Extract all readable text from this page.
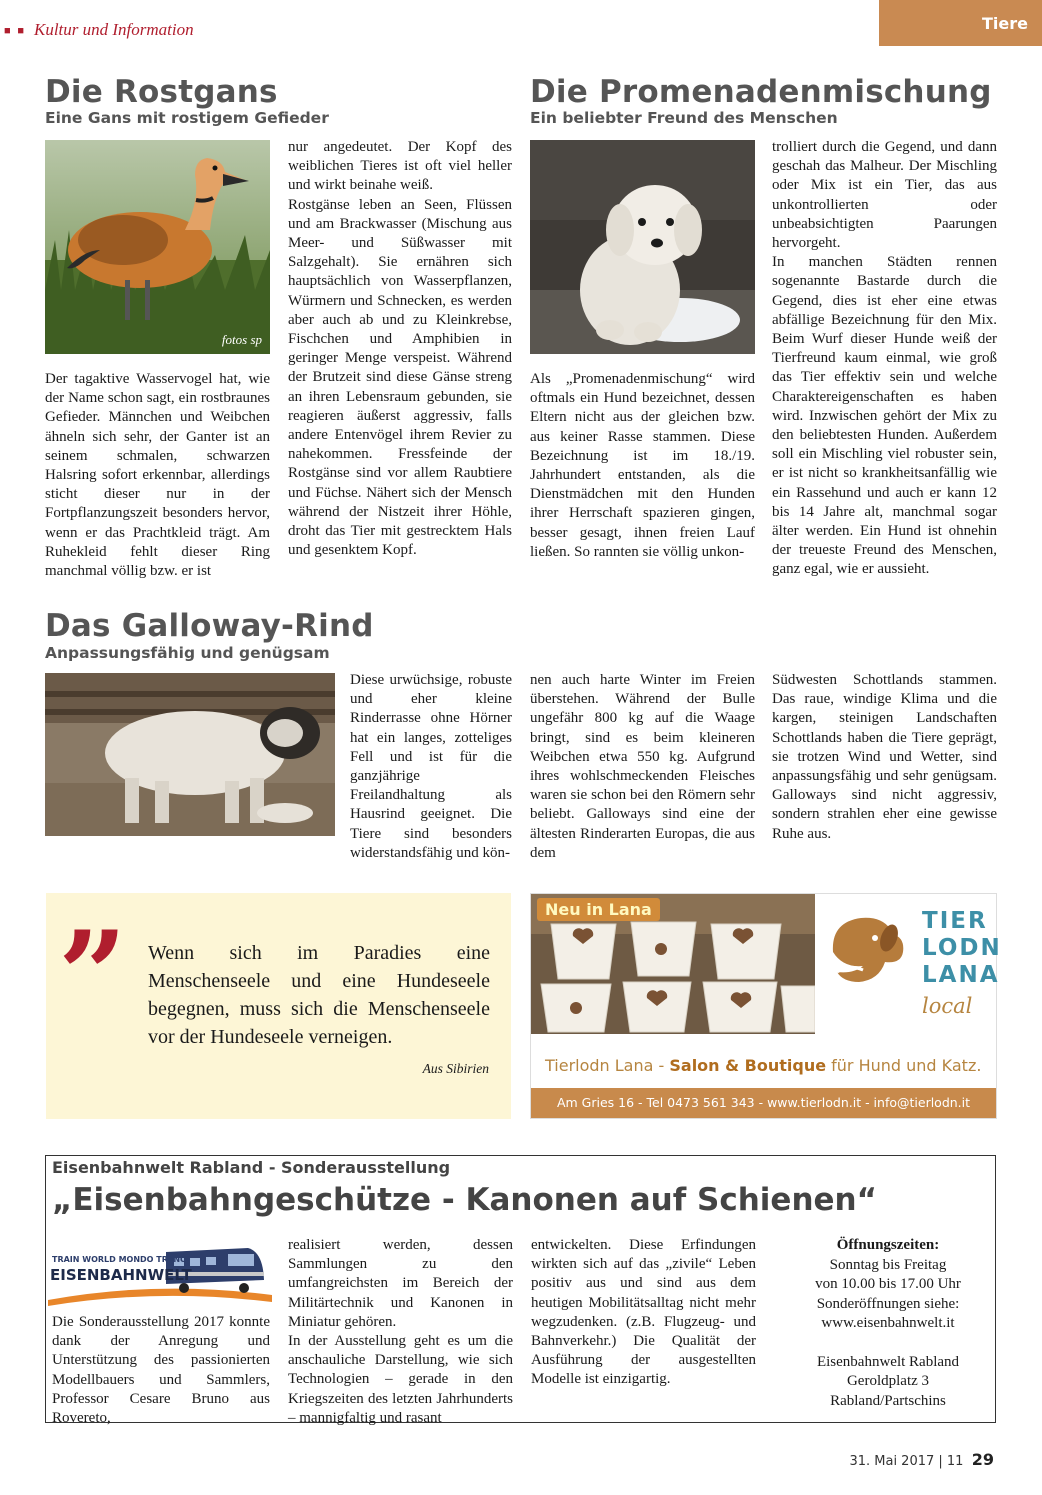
■ ■ Kultur und Information	Tiere
Die Rostgans
Eine Gans mit rostigem Gefieder
fotos sp
Der tagaktive Wasservogel hat, wie der Name schon sagt, ein rostbraunes Gefieder. Männchen und Weibchen ähneln sich sehr, der Ganter ist an seinem schmalen, schwarzen Halsring sofort erkennbar, allerdings sticht dieser nur in der Fortpflanzungszeit besonders hervor, wenn er das Prachtkleid trägt. Am Ruhekleid fehlt dieser Ring manchmal völlig bzw. er ist

nur angedeutet. Der Kopf des weiblichen Tieres ist oft viel heller und wirkt beinahe weiß.

Rostgänse leben an Seen, Flüssen und am Brackwasser (Mischung aus Meer- und Süßwasser mit Salzgehalt). Sie ernähren sich hauptsächlich von Wasserpflanzen, Würmern und Schnecken, es werden aber auch ab und zu Kleinkrebse, Fischchen und Amphibien in geringer Menge verspeist. Während der Brutzeit sind diese Gänse streng an ihren Lebensraum gebunden, sie reagieren äußerst aggressiv, falls andere Entenvögel ihrem Revier zu nahekommen. Fressfeinde der Rostgänse sind vor allem Raubtiere und Füchse. Nähert sich der Mensch während der Nistzeit ihrer Höhle, droht das Tier mit gestrecktem Hals und gesenktem Kopf.

Die Promenadenmischung
Ein beliebter Freund des Menschen
Als „Promenadenmischung“ wird oftmals ein Hund bezeichnet, dessen Eltern nicht aus der gleichen bzw. aus keiner Rasse stammen. Diese Bezeichnung ist im 18./19. Jahrhundert entstanden, als die Dienstmädchen mit den Hunden ihrer Herrschaft spazieren gingen, besser gesagt, ihnen freien Lauf ließen. So rannten sie völlig unkon-

trolliert durch die Gegend, und dann geschah das Malheur. Der Mischling oder Mix ist ein Tier, das aus unkontrollierten oder unbeabsichtigten Paarungen hervorgeht.

In manchen Städten rennen sogenannte Bastarde durch die Gegend, dies ist eher eine etwas abfällige Bezeichnung für den Mix. Beim Wurf dieser Hunde weiß der Tierfreund kaum einmal, wie groß das Tier effektiv sein und welche Charaktereigenschaften es haben wird. Inzwischen gehört der Mix zu den beliebtesten Hunden. Außerdem soll ein Mischling viel robuster sein, er ist nicht so krankheitsanfällig wie ein Rassehund und auch er kann 12 bis 14 Jahre alt, manchmal sogar älter werden. Ein Hund ist ohnehin der treueste Freund des Menschen, ganz egal, wie er aussieht.

Das Galloway-Rind
Anpassungsfähig und genügsam
Diese urwüchsige, robuste und eher kleine Rinderrasse ohne Hörner hat ein langes, zotteliges Fell und ist für die ganzjährige Freilandhaltung als Hausrind geeignet. Die Tiere sind besonders widerstandsfähig und kön-
nen auch harte Winter im Freien überstehen. Während der Bulle ungefähr 800 kg auf die Waage bringt, sind es beim kleineren Weibchen etwa 550 kg. Aufgrund ihres wohlschmeckenden Fleisches waren sie schon bei den Römern sehr beliebt. Galloways sind eine der ältesten Rinderarten Europas, die aus dem
Südwesten Schottlands stammen. Das raue, windige Klima und die kargen, steinigen Landschaften Schottlands haben die Tiere geprägt, sie trotzen Wind und Wetter, sind anpassungsfähig und sehr genügsam. Galloways sind nicht aggressiv, sondern strahlen eher eine gewisse Ruhe aus.
” Wenn sich im Paradies eine Menschenseele und eine Hundeseele begegnen, muss sich die Menschenseele vor der Hundeseele verneigen.
Aus Sibirien
Neu in Lana	TIER
LODN
LANA
local
Tierlodn Lana - Salon & Boutique für Hund und Katz.
Am Gries 16 - Tel 0473 561 343 - www.tierlodn.it - info@tierlodn.it
Eisenbahnwelt Rabland - Sonderausstellung
„Eisenbahngeschütze - Kanonen auf Schienen“
TRAIN WORLD MONDO TRENO
EISENBAHNWELT
Die Sonderausstellung 2017 konnte dank der Anregung und Unterstützung des passionierten Modellbauers und Sammlers, Professor Cesare Bruno aus Rovereto,

realisiert werden, dessen Sammlungen zu den umfangreichsten im Bereich der Militärtechnik und Kanonen in Miniatur gehören.

In der Ausstellung geht es um die anschauliche Darstellung, wie sich Technologien – gerade in den Kriegszeiten des letzten Jahrhunderts – mannigfaltig und rasant

entwickelten. Diese Erfindungen wirkten sich auf das „zivile“ Leben positiv aus und sind aus dem heutigen Mobilitätsalltag nicht mehr wegzudenken. (z.B. Flugzeug- und Bahnverkehr.) Die Qualität der Ausführung der ausgestellten Modelle ist einzigartig.
Öffnungszeiten:
Sonntag bis Freitag
von 10.00 bis 17.00 Uhr
Sonderöffnungen siehe:
www.eisenbahnwelt.it
Eisenbahnwelt Rabland
Geroldplatz 3
Rabland/Partschins
31. Mai 2017 | 11 29
